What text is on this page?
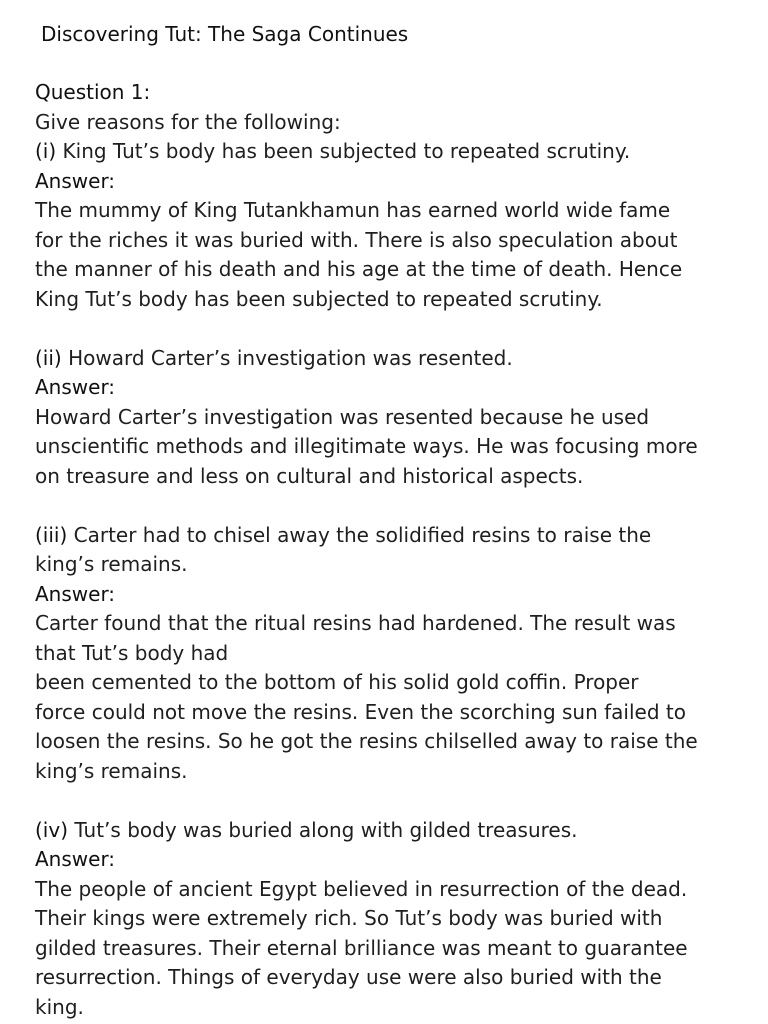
Discovering Tut: The Saga Continues
Question 1:
Give reasons for the following:
(i) King Tut’s body has been subjected to repeated scrutiny.
Answer:
The mummy of King Tutankhamun has earned world wide fame
for the riches it was buried with. There is also speculation about
the manner of his death and his age at the time of death. Hence
King Tut’s body has been subjected to repeated scrutiny.
(ii) Howard Carter’s investigation was resented.
Answer:
Howard Carter’s investigation was resented because he used
unscientific methods and illegitimate ways. He was focusing more
on treasure and less on cultural and historical aspects.
(iii) Carter had to chisel away the solidified resins to raise the
king’s remains.
Answer:
Carter found that the ritual resins had hardened. The result was
that Tut’s body had
been cemented to the bottom of his solid gold coffin. Proper
force could not move the resins. Even the scorching sun failed to
loosen the resins. So he got the resins chilselled away to raise the
king’s remains.
(iv) Tut’s body was buried along with gilded treasures.
Answer:
The people of ancient Egypt believed in resurrection of the dead.
Their kings were extremely rich. So Tut’s body was buried with
gilded treasures. Their eternal brilliance was meant to guarantee
resurrection. Things of everyday use were also buried with the
king.
